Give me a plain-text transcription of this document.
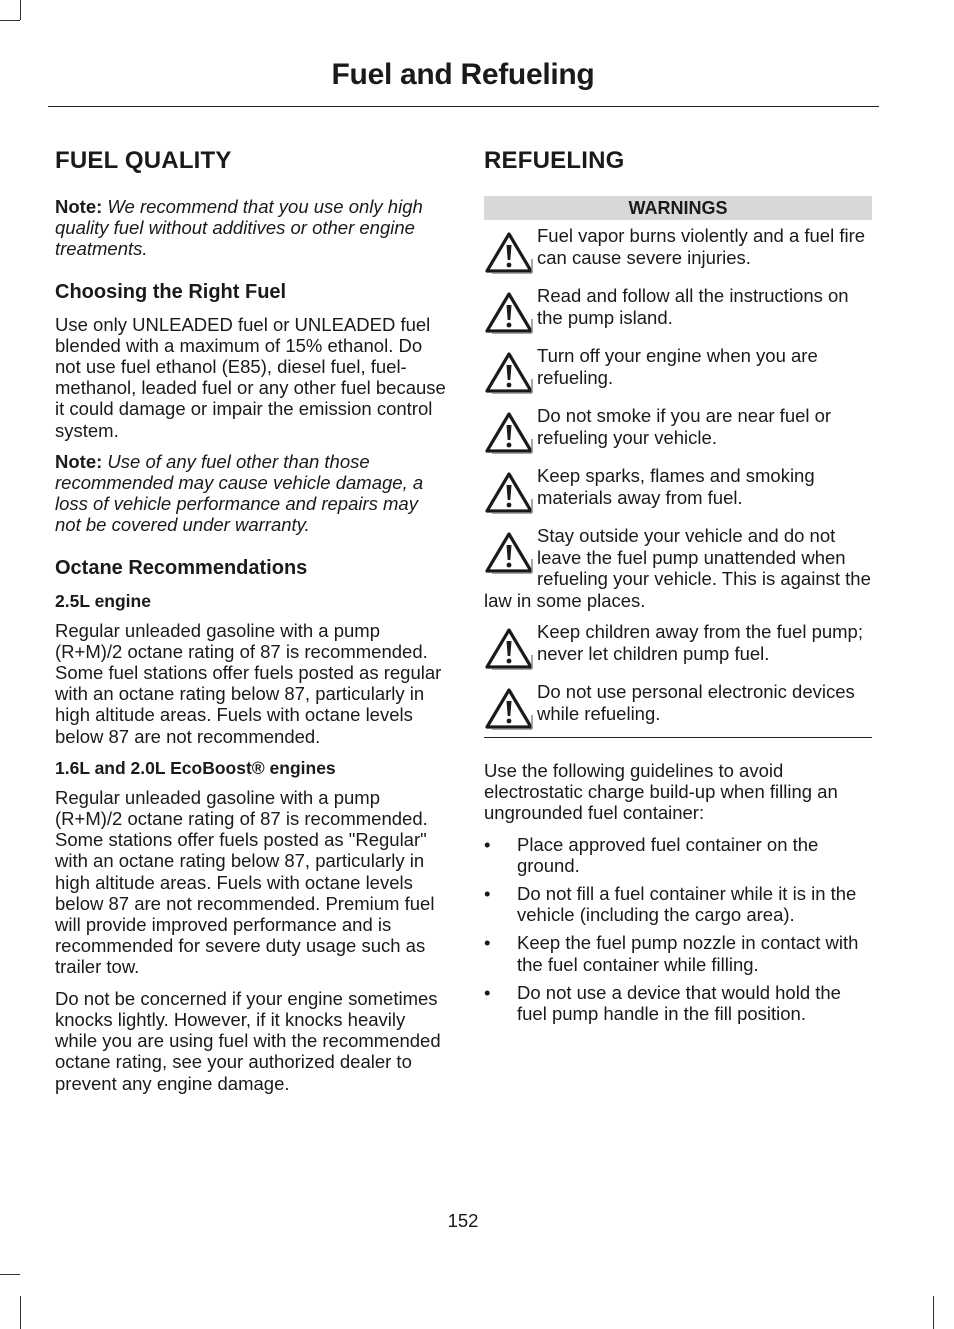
Fuel and Refueling
FUEL QUALITY

Note: We recommend that you use only high quality fuel without additives or other engine treatments.

Choosing the Right Fuel

Use only UNLEADED fuel or UNLEADED fuel blended with a maximum of 15% ethanol. Do not use fuel ethanol (E85), diesel fuel, fuel-methanol, leaded fuel or any other fuel because it could damage or impair the emission control system.

Note: Use of any fuel other than those recommended may cause vehicle damage, a loss of vehicle performance and repairs may not be covered under warranty.

Octane Recommendations
2.5L engine

Regular unleaded gasoline with a pump (R+M)/2 octane rating of 87 is recommended. Some fuel stations offer fuels posted as regular with an octane rating below 87, particularly in high altitude areas. Fuels with octane levels below 87 are not recommended.

1.6L and 2.0L EcoBoost® engines

Regular unleaded gasoline with a pump (R+M)/2 octane rating of 87 is recommended. Some stations offer fuels posted as "Regular" with an octane rating below 87, particularly in high altitude areas. Fuels with octane levels below 87 are not recommended. Premium fuel will provide improved performance and is recommended for severe duty usage such as trailer tow.

Do not be concerned if your engine sometimes knocks lightly. However, if it knocks heavily while you are using fuel with the recommended octane rating, see your authorized dealer to prevent any engine damage.

REFUELING
WARNINGS
Fuel vapor burns violently and a fuel fire can cause severe injuries.
Read and follow all the instructions on the pump island.
Turn off your engine when you are refueling.
Do not smoke if you are near fuel or refueling your vehicle.
Keep sparks, flames and smoking materials away from fuel.
Stay outside your vehicle and do not leave the fuel pump unattended when refueling your vehicle. This is against the law in some places.
Keep children away from the fuel pump; never let children pump fuel.
Do not use personal electronic devices while refueling.

Use the following guidelines to avoid electrostatic charge build-up when filling an ungrounded fuel container:

• Place approved fuel container on the ground.
• Do not fill a fuel container while it is in the vehicle (including the cargo area).
• Keep the fuel pump nozzle in contact with the fuel container while filling.
• Do not use a device that would hold the fuel pump handle in the fill position.
152
